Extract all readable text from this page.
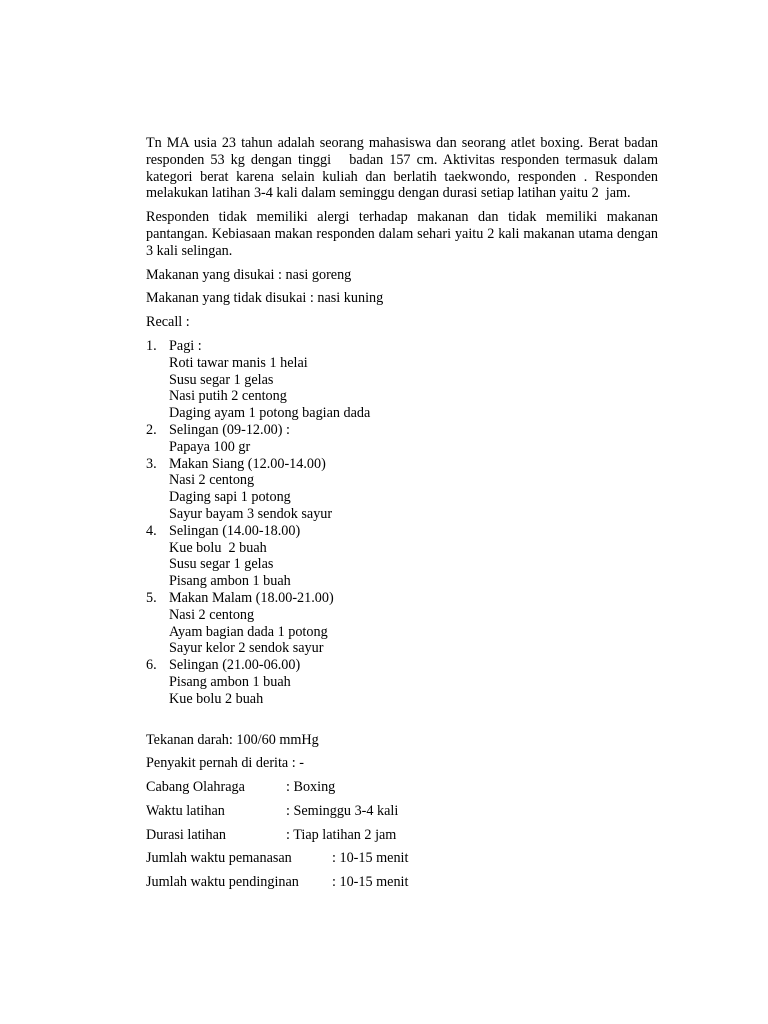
Tn MA usia 23 tahun adalah seorang mahasiswa dan seorang atlet boxing. Berat badan responden 53 kg dengan tinggi   badan 157 cm. Aktivitas responden termasuk dalam kategori berat karena selain kuliah dan berlatih taekwondo, responden . Responden melakukan latihan 3-4 kali dalam seminggu dengan durasi setiap latihan yaitu 2  jam.

Responden tidak memiliki alergi terhadap makanan dan tidak memiliki makanan pantangan. Kebiasaan makan responden dalam sehari yaitu 2 kali makanan utama dengan 3 kali selingan.

Makanan yang disukai : nasi goreng

Makanan yang tidak disukai : nasi kuning

Recall :

1. Pagi :
Roti tawar manis 1 helai
Susu segar 1 gelas
Nasi putih 2 centong
Daging ayam 1 potong bagian dada
2. Selingan (09-12.00) :
Papaya 100 gr
3. Makan Siang (12.00-14.00)
Nasi 2 centong
Daging sapi 1 potong
Sayur bayam 3 sendok sayur
4. Selingan (14.00-18.00)
Kue bolu  2 buah
Susu segar 1 gelas
Pisang ambon 1 buah
5. Makan Malam (18.00-21.00)
Nasi 2 centong
Ayam bagian dada 1 potong
Sayur kelor 2 sendok sayur
6. Selingan (21.00-06.00)
Pisang ambon 1 buah
Kue bolu 2 buah

Tekanan darah: 100/60 mmHg

Penyakit pernah di derita : -

Cabang Olahraga	: Boxing

Waktu latihan	: Seminggu 3-4 kali

Durasi latihan	: Tiap latihan 2 jam

Jumlah waktu pemanasan	: 10-15 menit

Jumlah waktu pendinginan : 10-15 menit
